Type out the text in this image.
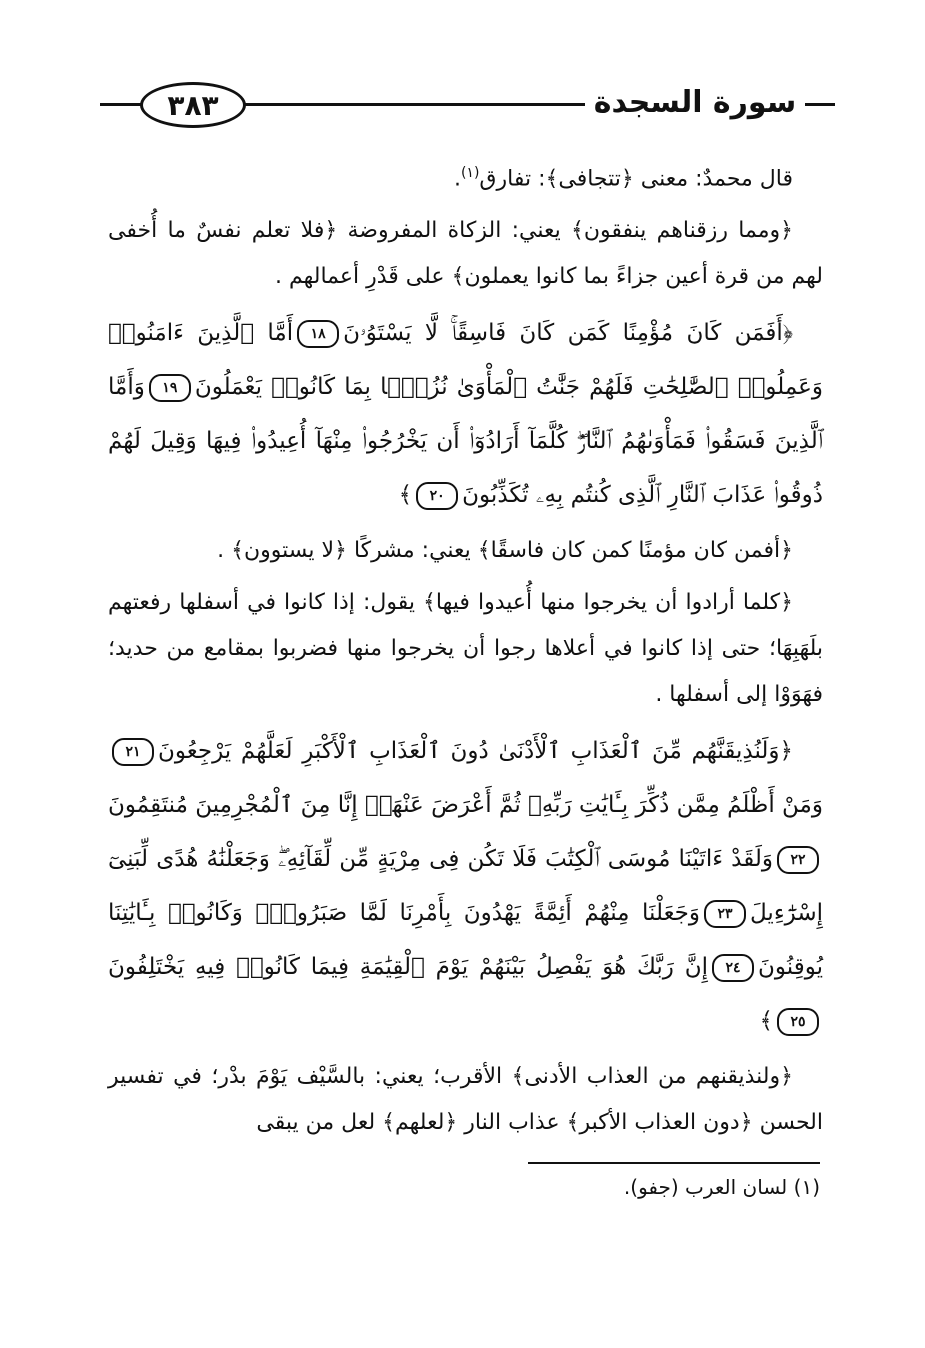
٣٨٣	سورة السجدة

قال محمدٌ: معنى ﴿تتجافى﴾: تفارق$^{(١)}$.

﴿ومما رزقناهم ينفقون﴾ يعني: الزكاة المفروضة ﴿فلا تعلم نفسٌ ما أُخفى لهم من قرة أعين جزاءً بما كانوا يعملون﴾ على قَدْرِ أعمالهم .

﴿أَفَمَن كَانَ مُؤْمِنًا كَمَن كَانَ فَاسِقًاۚ لَّا يَسْتَوُۥنَ١٨أَمَّا ٱلَّذِينَ ءَامَنُوا۟ وَعَمِلُوا۟ ٱلصَّٰلِحَٰتِ فَلَهُمْ جَنَّٰتُ ٱلْمَأْوَىٰ نُزُلًۢا بِمَا كَانُوا۟ يَعْمَلُونَ١٩وَأَمَّا ٱلَّذِينَ فَسَقُوا۟ فَمَأْوَىٰهُمُ ٱلنَّارُۖ كُلَّمَآ أَرَادُوٓا۟ أَن يَخْرُجُوا۟ مِنْهَآ أُعِيدُوا۟ فِيهَا وَقِيلَ لَهُمْ ذُوقُوا۟ عَذَابَ ٱلنَّارِ ٱلَّذِى كُنتُم بِهِۦ تُكَذِّبُونَ٢٠﴾

﴿أفمن كان مؤمنًا كمن كان فاسقًا﴾ يعني: مشركًا ﴿لا يستوون﴾ .

﴿كلما أرادوا أن يخرجوا منها أُعيدوا فيها﴾ يقول: إذا كانوا في أسفلها رفعتهم بلَهَبِهَا؛ حتى إذا كانوا في أعلاها رجوا أن يخرجوا منها فضربوا بمقامع من حديد؛ فهَوَوْا إلى أسفلها .

﴿وَلَنُذِيقَنَّهُم مِّنَ ٱلْعَذَابِ ٱلْأَدْنَىٰ دُونَ ٱلْعَذَابِ ٱلْأَكْبَرِ لَعَلَّهُمْ يَرْجِعُونَ٢١وَمَنْ أَظْلَمُ مِمَّن ذُكِّرَ بِـَٔايَٰتِ رَبِّهِۦ ثُمَّ أَعْرَضَ عَنْهَآۚ إِنَّا مِنَ ٱلْمُجْرِمِينَ مُنتَقِمُونَ٢٢وَلَقَدْ ءَاتَيْنَا مُوسَى ٱلْكِتَٰبَ فَلَا تَكُن فِى مِرْيَةٍ مِّن لِّقَآئِهِۦۖ وَجَعَلْنَٰهُ هُدًى لِّبَنِىٓ إِسْرَٰٓءِيلَ٢٣وَجَعَلْنَا مِنْهُمْ أَئِمَّةً يَهْدُونَ بِأَمْرِنَا لَمَّا صَبَرُوا۟ۖ وَكَانُوا۟ بِـَٔايَٰتِنَا يُوقِنُونَ٢٤إِنَّ رَبَّكَ هُوَ يَفْصِلُ بَيْنَهُمْ يَوْمَ ٱلْقِيَٰمَةِ فِيمَا كَانُوا۟ فِيهِ يَخْتَلِفُونَ٢٥﴾

﴿ولنذيقنهم من العذاب الأدنى﴾ الأقرب؛ يعني: بالسَّيْف يَوْمَ بدْر؛ في تفسير الحسن ﴿دون العذاب الأكبر﴾ عذاب النار ﴿لعلهم﴾ لعل من يبقى

(١) لسان العرب (جفو).
